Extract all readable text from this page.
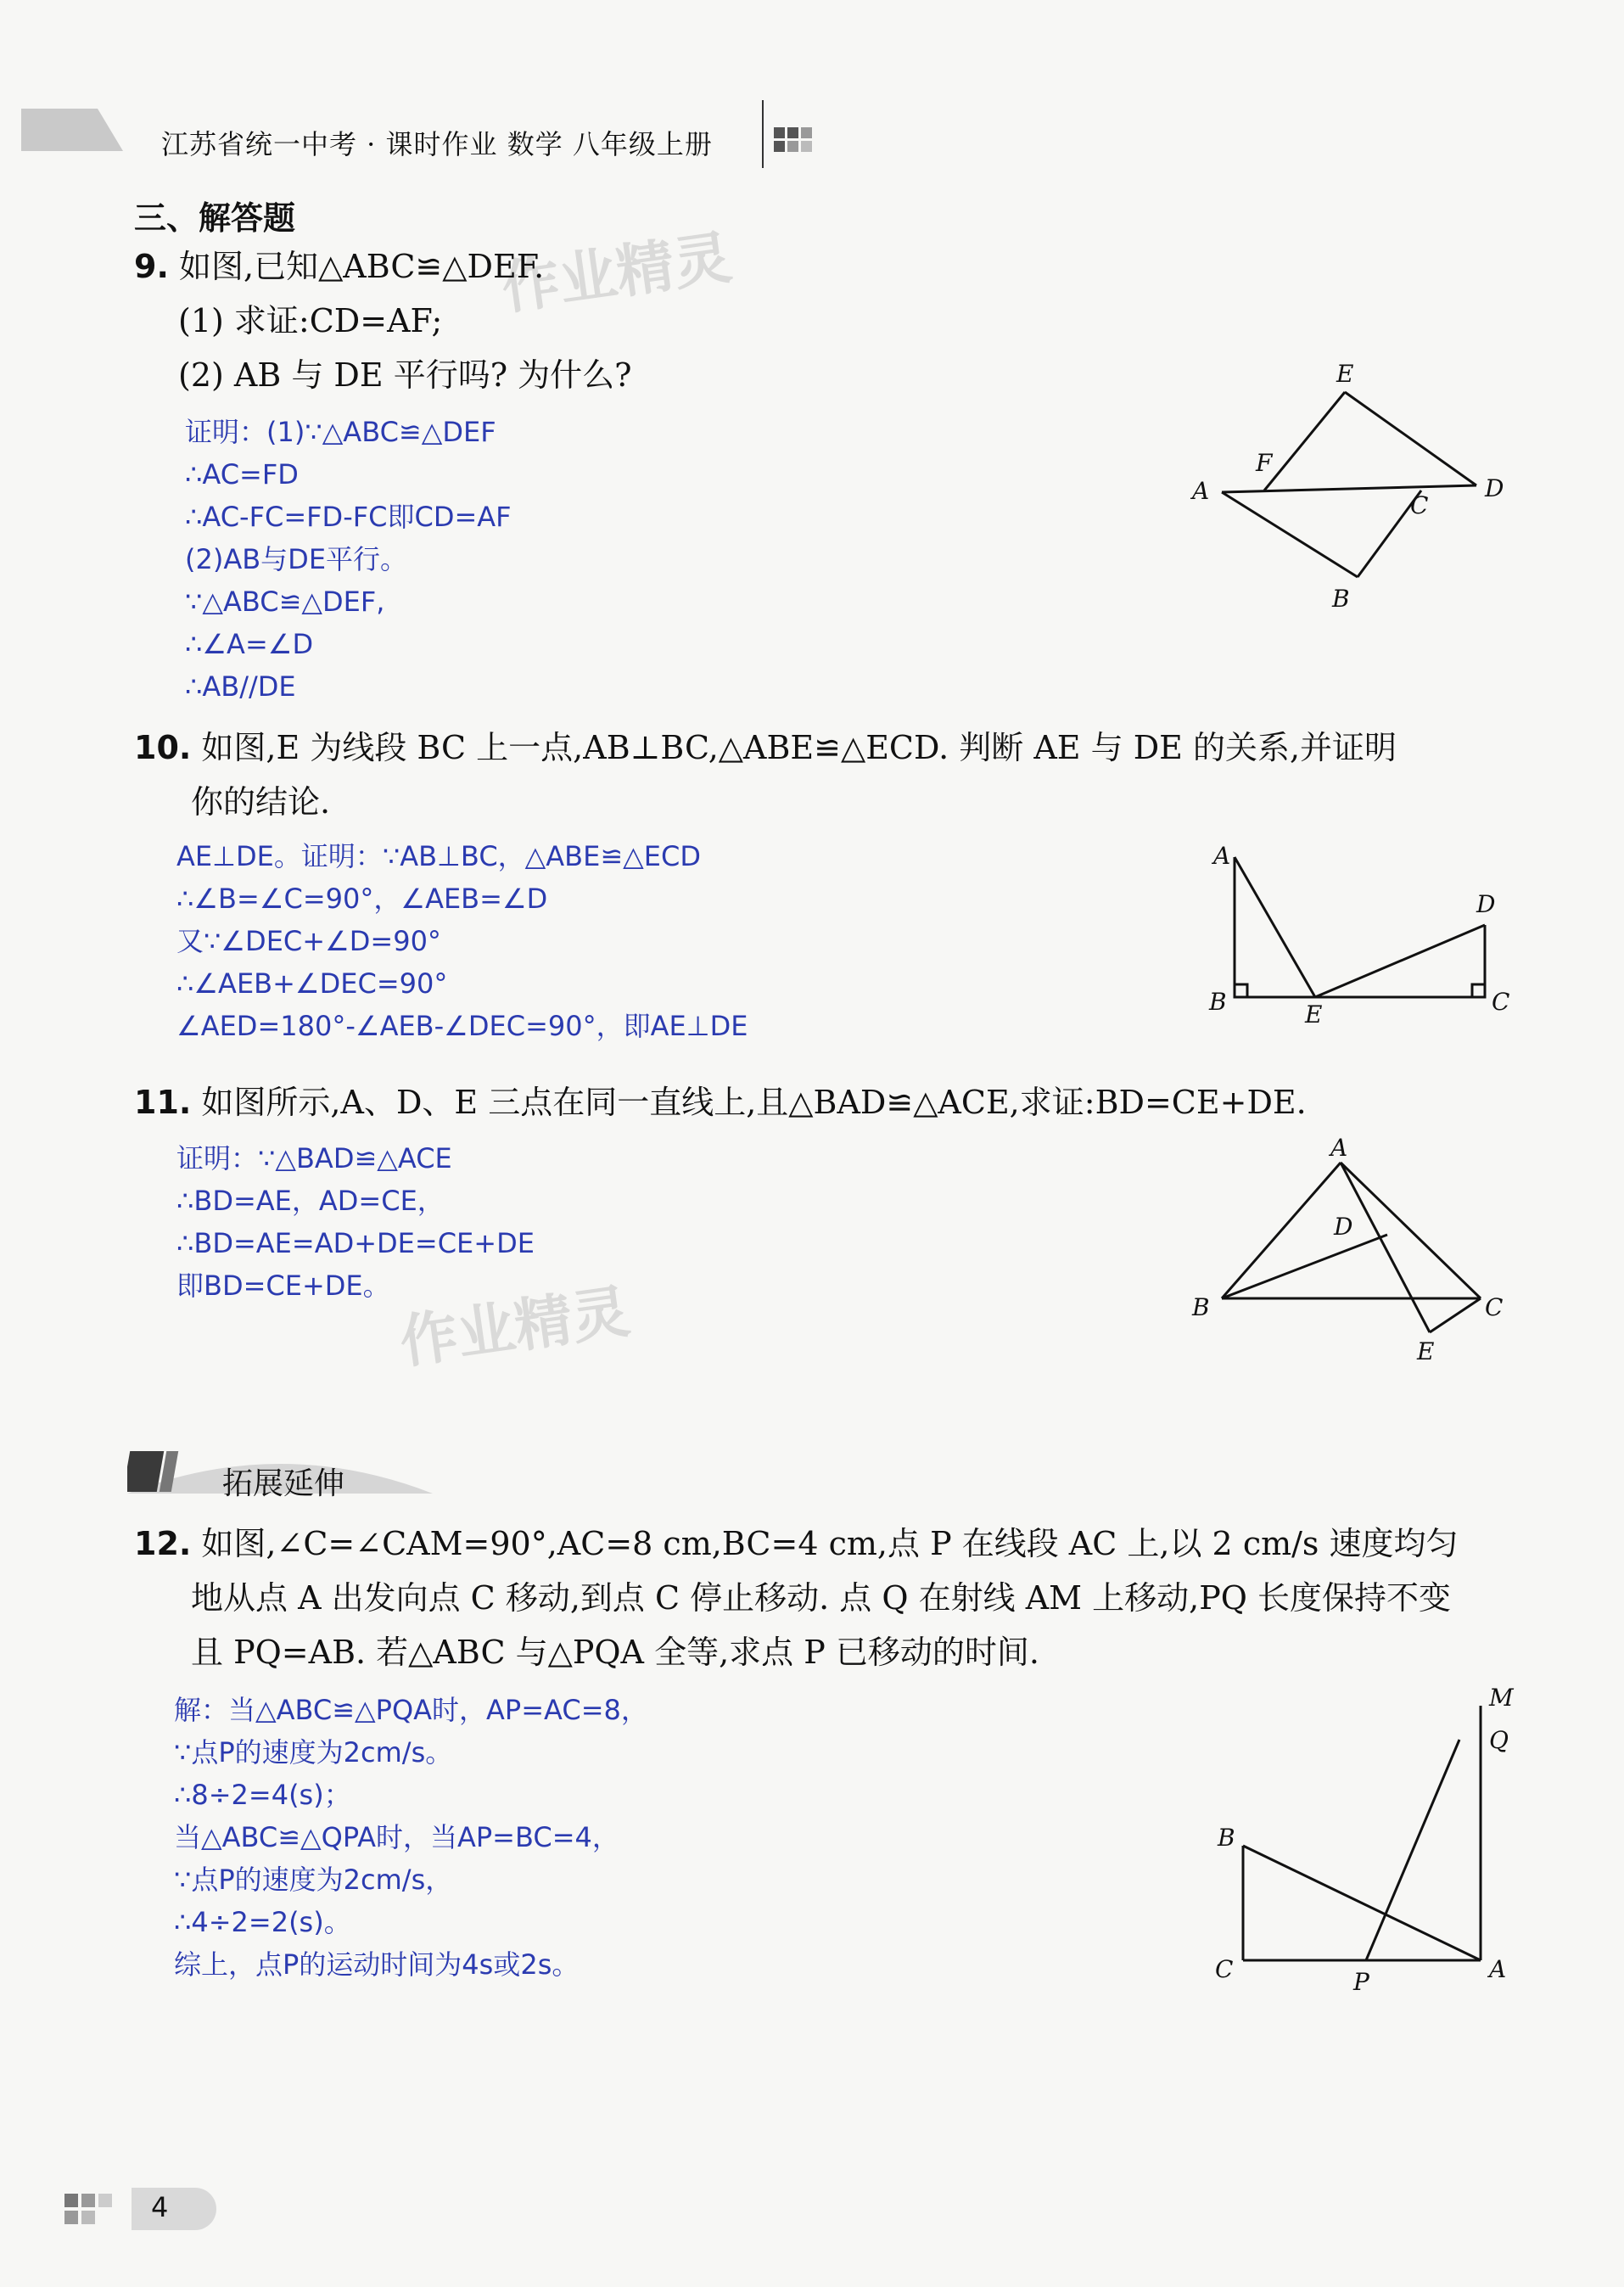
江苏省统一中考 · 课时作业 数学 八年级上册
三、解答题
作业精灵
作业精灵
9. 如图,已知△ABC≌△DEF.
(1) 求证:CD=AF;
(2) AB 与 DE 平行吗? 为什么?
证明：(1)∵△ABC≌△DEF
∴AC=FD
∴AC-FC=FD-FC即CD=AF
(2)AB与DE平行。
∵△ABC≌△DEF,
∴∠A=∠D
∴AB//DE
E
F
A
C
D
B
10. 如图,E 为线段 BC 上一点,AB⊥BC,△ABE≌△ECD. 判断 AE 与 DE 的关系,并证明
你的结论.
AE⊥DE。证明：∵AB⊥BC，△ABE≌△ECD
∴∠B=∠C=90°，∠AEB=∠D
又∵∠DEC+∠D=90°
∴∠AEB+∠DEC=90°
∠AED=180°-∠AEB-∠DEC=90°，即AE⊥DE
A
D
B	E	C
11. 如图所示,A、D、E 三点在同一直线上,且△BAD≌△ACE,求证:BD=CE+DE.
证明：∵△BAD≌△ACE
∴BD=AE，AD=CE，
∴BD=AE=AD+DE=CE+DE
即BD=CE+DE。
A
D
B	C
E
拓展延伸
12. 如图,∠C=∠CAM=90°,AC=8 cm,BC=4 cm,点 P 在线段 AC 上,以 2 cm/s 速度均匀
地从点 A 出发向点 C 移动,到点 C 停止移动. 点 Q 在射线 AM 上移动,PQ 长度保持不变
且 PQ=AB. 若△ABC 与△PQA 全等,求点 P 已移动的时间.
解：当△ABC≌△PQA时，AP=AC=8，
∵点P的速度为2cm/s。
∴8÷2=4(s)；
当△ABC≌△QPA时，当AP=BC=4，
∵点P的速度为2cm/s，
∴4÷2=2(s)。
综上，点P的运动时间为4s或2s。
M
Q
B
C	P	A
4
